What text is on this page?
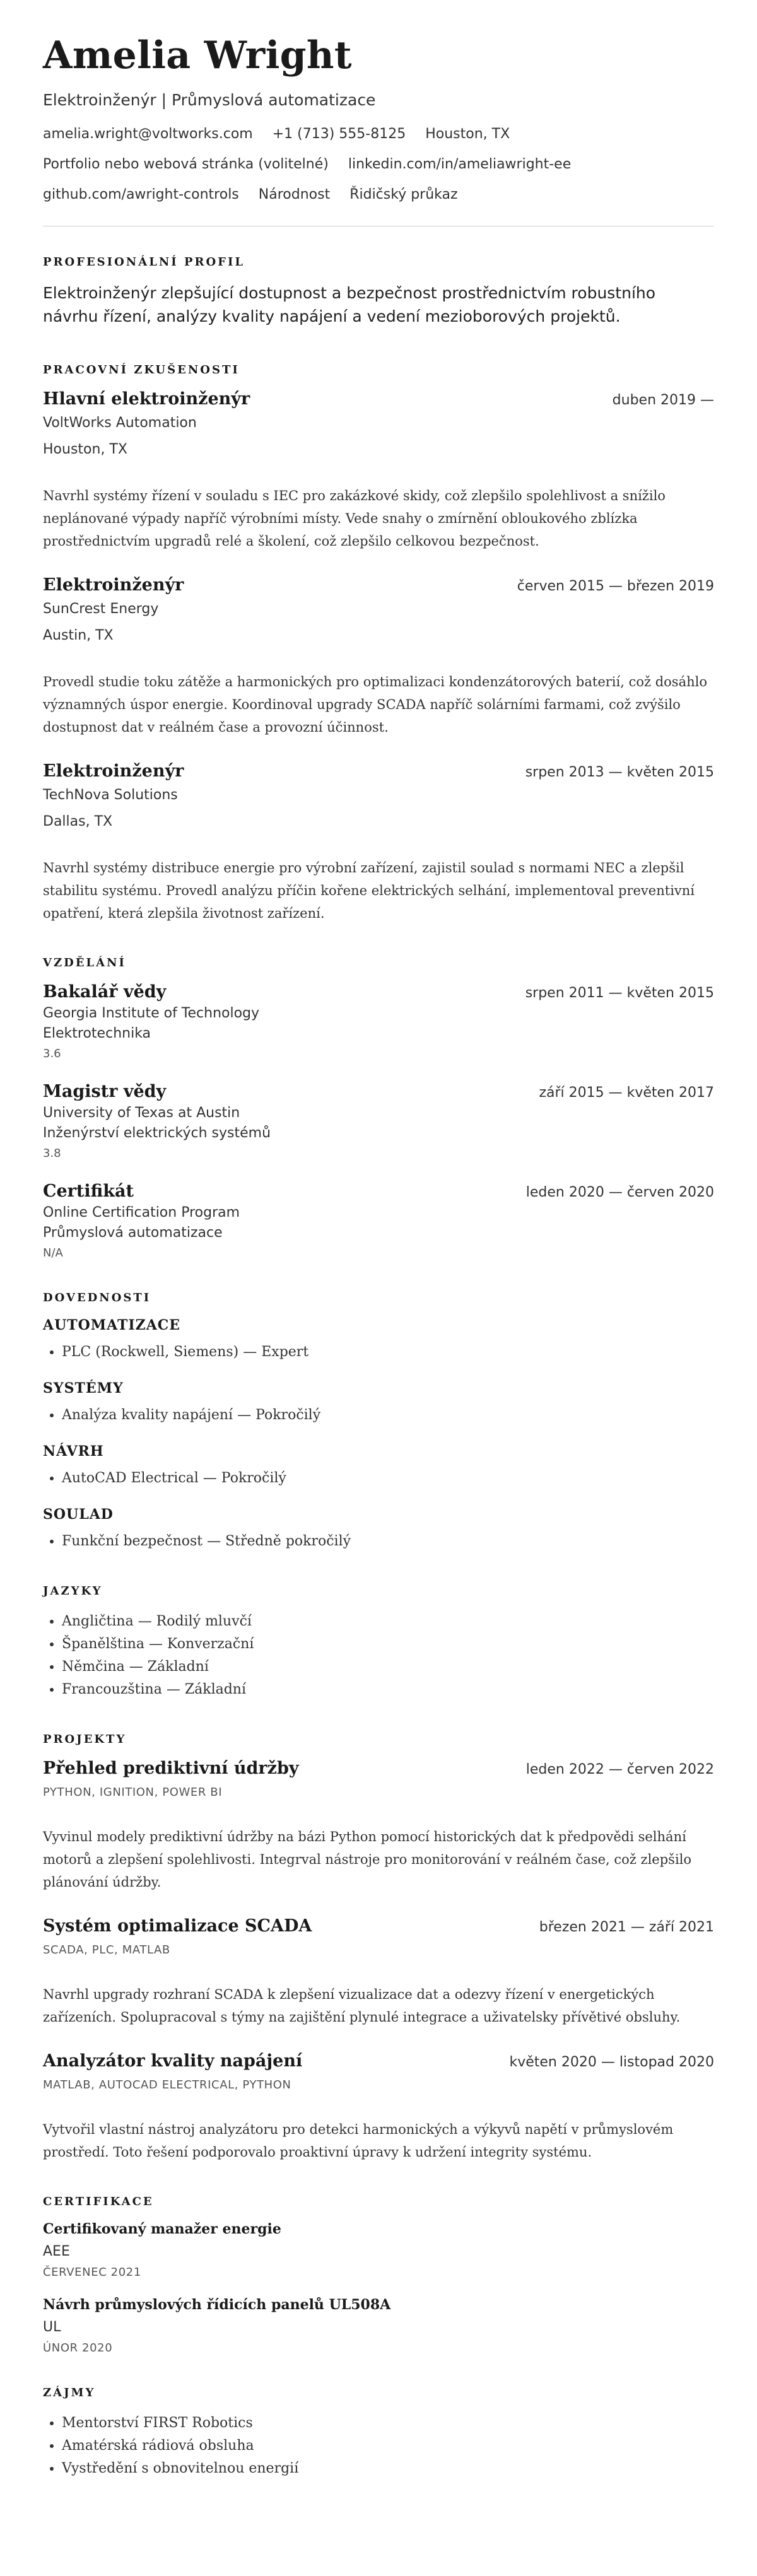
Amelia Wright
Elektroinženýr | Průmyslová automatizace
amelia.wright@voltworks.com +1 (713) 555-8125 Houston, TX
Portfolio nebo webová stránka (volitelné) linkedin.com/in/ameliawright-ee
github.com/awright-controls Národnost Řidičský průkaz
PROFESIONÁLNÍ PROFIL
Elektroinženýr zlepšující dostupnost a bezpečnost prostřednictvím robustního návrhu řízení, analýzy kvality napájení a vedení mezioborových projektů.
PRACOVNÍ ZKUŠENOSTI
Hlavní elektroinženýr	duben 2019 —
VoltWorks Automation
Houston, TX
Navrhl systémy řízení v souladu s IEC pro zakázkové skidy, což zlepšilo spolehlivost a snížilo neplánované výpady napříč výrobními místy. Vede snahy o zmírnění obloukového zblízka prostřednictvím upgradů relé a školení, což zlepšilo celkovou bezpečnost.
Elektroinženýr	červen 2015 — březen 2019
SunCrest Energy
Austin, TX
Provedl studie toku zátěže a harmonických pro optimalizaci kondenzátorových baterií, což dosáhlo významných úspor energie. Koordinoval upgrady SCADA napříč solárními farmami, což zvýšilo dostupnost dat v reálném čase a provozní účinnost.
Elektroinženýr	srpen 2013 — květen 2015
TechNova Solutions
Dallas, TX
Navrhl systémy distribuce energie pro výrobní zařízení, zajistil soulad s normami NEC a zlepšil stabilitu systému. Provedl analýzu příčin kořene elektrických selhání, implementoval preventivní opatření, která zlepšila životnost zařízení.
VZDĚLÁNÍ
Bakalář vědy	srpen 2011 — květen 2015
Georgia Institute of Technology
Elektrotechnika
3.6
Magistr vědy	září 2015 — květen 2017
University of Texas at Austin
Inženýrství elektrických systémů
3.8
Certifikát	leden 2020 — červen 2020
Online Certification Program
Průmyslová automatizace
N/A
DOVEDNOSTI
AUTOMATIZACE
• PLC (Rockwell, Siemens) — Expert
SYSTÉMY
• Analýza kvality napájení — Pokročilý
NÁVRH
• AutoCAD Electrical — Pokročilý
SOULAD
• Funkční bezpečnost — Středně pokročilý
JAZYKY
• Angličtina — Rodilý mluvčí
• Španělština — Konverzační
• Němčina — Základní
• Francouzština — Základní
PROJEKTY
Přehled prediktivní údržby	leden 2022 — červen 2022
PYTHON, IGNITION, POWER BI
Vyvinul modely prediktivní údržby na bázi Python pomocí historických dat k předpovědi selhání motorů a zlepšení spolehlivosti. Integrval nástroje pro monitorování v reálném čase, což zlepšilo plánování údržby.
Systém optimalizace SCADA	březen 2021 — září 2021
SCADA, PLC, MATLAB
Navrhl upgrady rozhraní SCADA k zlepšení vizualizace dat a odezvy řízení v energetických zařízeních. Spolupracoval s týmy na zajištění plynulé integrace a uživatelsky přívětivé obsluhy.
Analyzátor kvality napájení	květen 2020 — listopad 2020
MATLAB, AUTOCAD ELECTRICAL, PYTHON
Vytvořil vlastní nástroj analyzátoru pro detekci harmonických a výkyvů napětí v průmyslovém prostředí. Toto řešení podporovalo proaktivní úpravy k udržení integrity systému.
CERTIFIKACE
Certifikovaný manažer energie
AEE
ČERVENEC 2021
Návrh průmyslových řídicích panelů UL508A
UL
ÚNOR 2020
ZÁJMY
• Mentorství FIRST Robotics
• Amatérská rádiová obsluha
• Vystředění s obnovitelnou energií
